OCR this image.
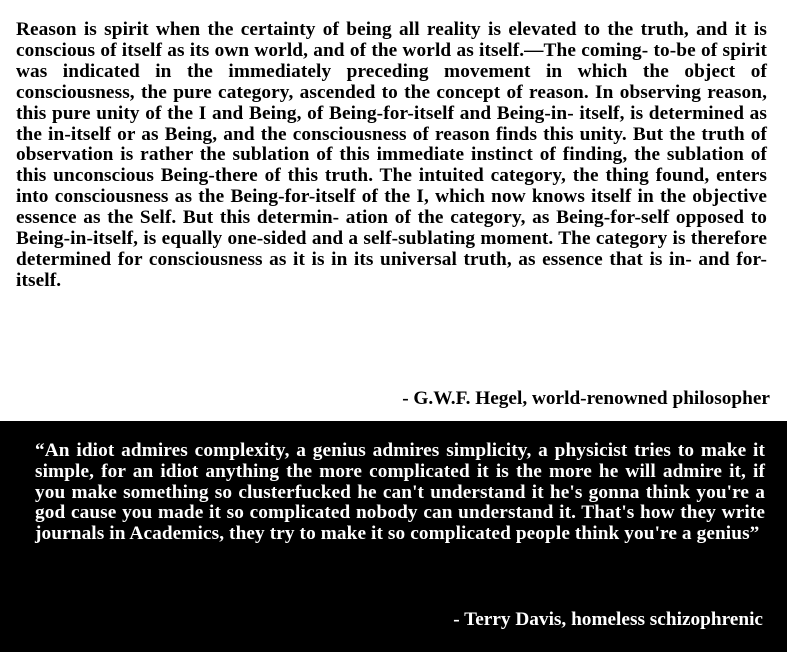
Reason is spirit when the certainty of being all reality is elevated to the truth, and it is conscious of itself as its own world, and of the world as itself.—The coming- to-be of spirit was indicated in the immediately preceding movement in which the object of consciousness, the pure category, ascended to the concept of reason. In observing reason, this pure unity of the I and Being, of Being-for-itself and Being-in- itself, is determined as the in-itself or as Being, and the consciousness of reason finds this unity. But the truth of observation is rather the sublation of this immediate instinct of finding, the sublation of this unconscious Being-there of this truth. The intuited category, the thing found, enters into consciousness as the Being-for-itself of the I, which now knows itself in the objective essence as the Self. But this determin- ation of the category, as Being-for-self opposed to Being-in-itself, is equally one-sided and a self-sublating moment. The category is therefore determined for consciousness as it is in its universal truth, as essence that is in- and for-itself.

- G.W.F. Hegel, world-renowned philosopher

“An idiot admires complexity, a genius admires simplicity, a physicist tries to make it simple, for an idiot anything the more complicated it is the more he will admire it, if you make something so clusterfucked he can't understand it he's gonna think you're a god cause you made it so complicated nobody can understand it. That's how they write journals in Academics, they try to make it so complicated people think you're a genius”

- Terry Davis, homeless schizophrenic
